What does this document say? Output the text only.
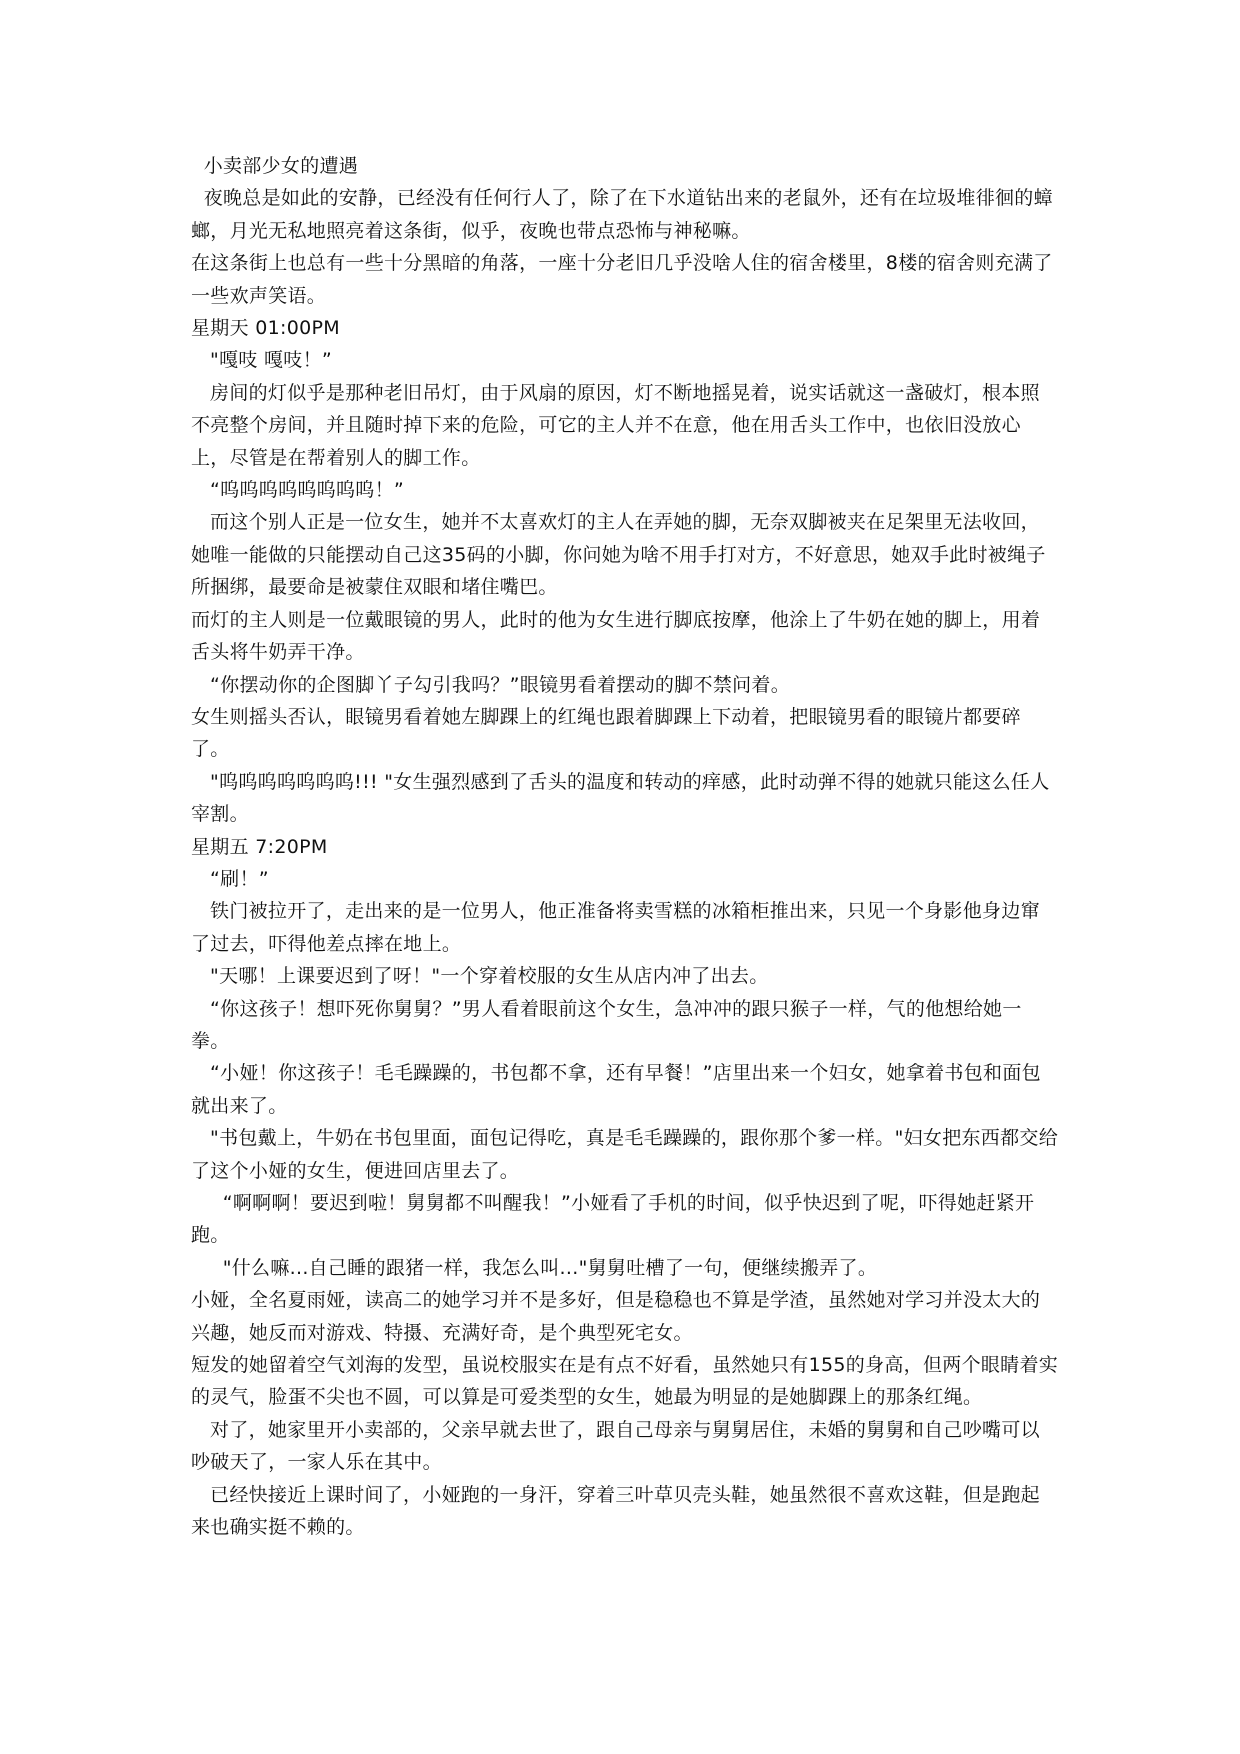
小卖部少女的遭遇

夜晚总是如此的安静，已经没有任何行人了，除了在下水道钻出来的老鼠外，还有在垃圾堆徘徊的蟑螂，月光无私地照亮着这条街，似乎，夜晚也带点恐怖与神秘嘛。

在这条街上也总有一些十分黑暗的角落，一座十分老旧几乎没啥人住的宿舍楼里，8楼的宿舍则充满了一些欢声笑语。

星期天 01:00PM

"嘎吱 嘎吱！”

房间的灯似乎是那种老旧吊灯，由于风扇的原因，灯不断地摇晃着，说实话就这一盏破灯，根本照不亮整个房间，并且随时掉下来的危险，可它的主人并不在意，他在用舌头工作中，也依旧没放心上，尽管是在帮着别人的脚工作。

“呜呜呜呜呜呜呜呜！”

而这个别人正是一位女生，她并不太喜欢灯的主人在弄她的脚，无奈双脚被夹在足架里无法收回，她唯一能做的只能摆动自己这35码的小脚，你问她为啥不用手打对方，不好意思，她双手此时被绳子所捆绑，最要命是被蒙住双眼和堵住嘴巴。

而灯的主人则是一位戴眼镜的男人，此时的他为女生进行脚底按摩，他涂上了牛奶在她的脚上，用着舌头将牛奶弄干净。

“你摆动你的企图脚丫子勾引我吗？”眼镜男看着摆动的脚不禁问着。

女生则摇头否认，眼镜男看着她左脚踝上的红绳也跟着脚踝上下动着，把眼镜男看的眼镜片都要碎了。

"呜呜呜呜呜呜呜!!! "女生强烈感到了舌头的温度和转动的痒感，此时动弹不得的她就只能这么任人宰割。

星期五 7:20PM

“刷！”

铁门被拉开了，走出来的是一位男人，他正准备将卖雪糕的冰箱柜推出来，只见一个身影他身边窜了过去，吓得他差点摔在地上。

"天哪！上课要迟到了呀！"一个穿着校服的女生从店内冲了出去。

“你这孩子！想吓死你舅舅？”男人看着眼前这个女生，急冲冲的跟只猴子一样，气的他想给她一拳。

“小娅！你这孩子！毛毛躁躁的，书包都不拿，还有早餐！”店里出来一个妇女，她拿着书包和面包就出来了。

"书包戴上，牛奶在书包里面，面包记得吃，真是毛毛躁躁的，跟你那个爹一样。"妇女把东西都交给了这个小娅的女生，便进回店里去了。

“啊啊啊！要迟到啦！舅舅都不叫醒我！”小娅看了手机的时间，似乎快迟到了呢，吓得她赶紧开跑。

"什么嘛...自己睡的跟猪一样，我怎么叫..."舅舅吐槽了一句，便继续搬弄了。

小娅，全名夏雨娅，读高二的她学习并不是多好，但是稳稳也不算是学渣，虽然她对学习并没太大的兴趣，她反而对游戏、特摄、充满好奇，是个典型死宅女。

短发的她留着空气刘海的发型，虽说校服实在是有点不好看，虽然她只有155的身高，但两个眼睛着实的灵气，脸蛋不尖也不圆，可以算是可爱类型的女生，她最为明显的是她脚踝上的那条红绳。

对了，她家里开小卖部的，父亲早就去世了，跟自己母亲与舅舅居住，未婚的舅舅和自己吵嘴可以吵破天了，一家人乐在其中。

已经快接近上课时间了，小娅跑的一身汗，穿着三叶草贝壳头鞋，她虽然很不喜欢这鞋，但是跑起来也确实挺不赖的。
